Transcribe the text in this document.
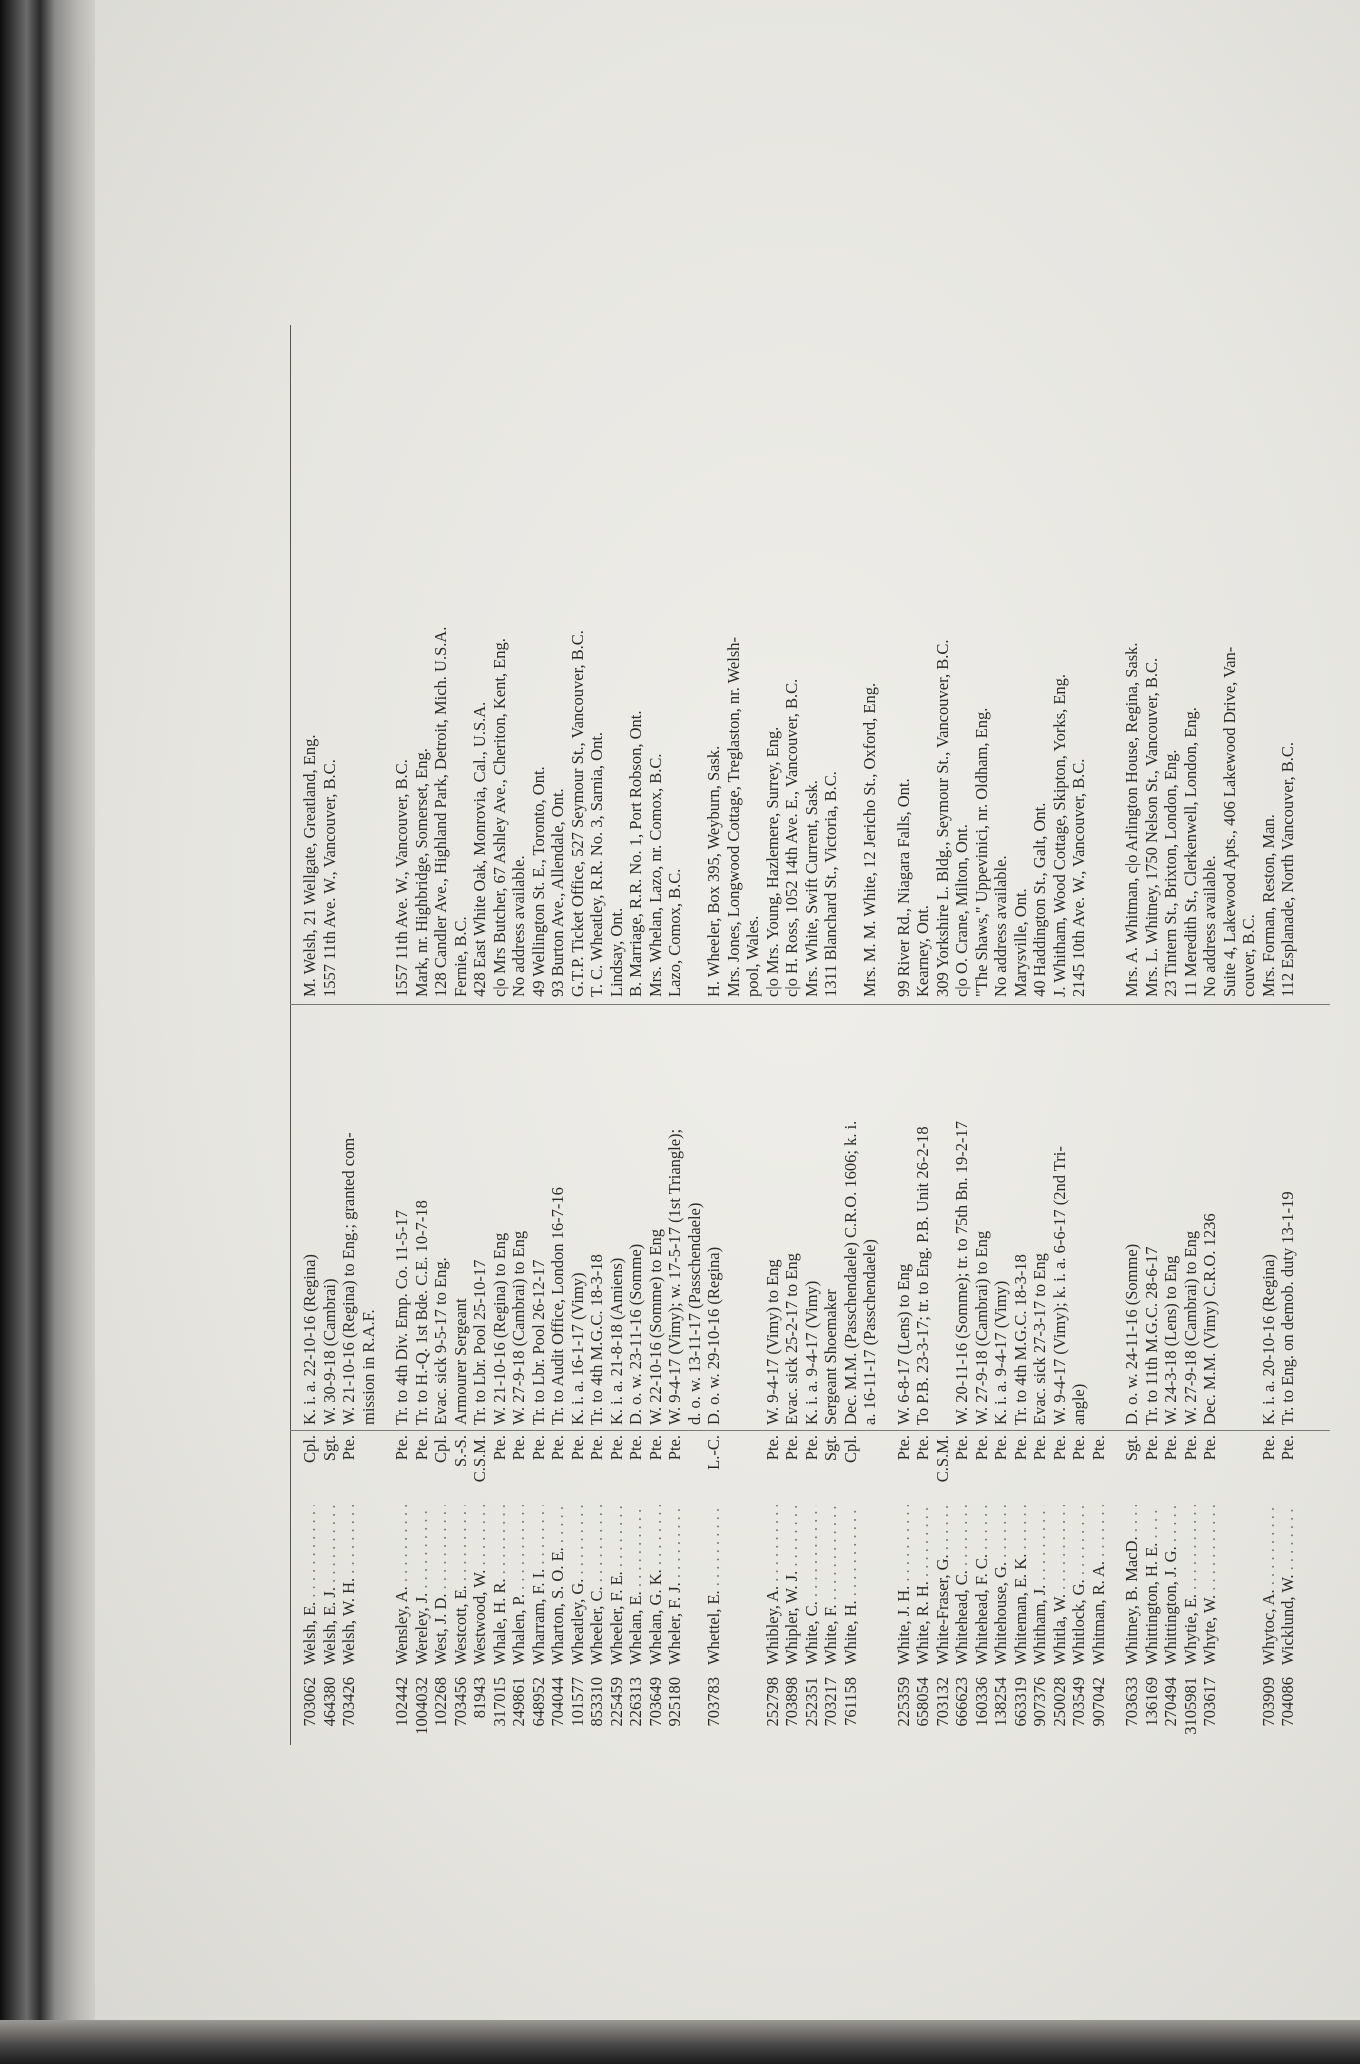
703062
Welsh, E. . . .
Cpl.
K. i. a. 22-10-16 (Regina)
M. Welsh, 21 Wellgate, Greatland, Eng.
464380
Welsh, E. J. . . .
Sgt.
W. 30-9-18 (Cambrai)
1557 11th Ave. W., Vancouver, B.C.
703426
Welsh, W. H. . . .
Pte.
W. 21-10-16 (Regina) to Eng.; granted com- mission in R.A.F.
102442
Wensley, A. . . .
Pte.
Tr. to 4th Div. Emp. Co. 11-5-17
1557 11th Ave. W., Vancouver, B.C.
1004032
Wereley, J. . . .
Pte.
Tr. to H.-Q. 1st Bde. C.E. 10-7-18
Mark, nr. Highbridge, Somerset, Eng.
102268
West, J. D. . . .
Cpl.
Evac. sick 9-5-17 to Eng.
128 Candler Ave., Highland Park, Detroit, Mich. U.S.A.
703456
Westcott, E. . . .
S.-S.
Armourer Sergeant
Fernie, B.C.
81943
Westwood, W. . . .
C.S.M.
Tr. to Lbr. Pool 25-10-17
428 East White Oak, Monrovia, Cal., U.S.A.
317015
Whale, H. R. . . .
Pte.
W. 21-10-16 (Regina) to Eng
c|o Mrs Butcher, 67 Ashley Ave., Cheriton, Kent, Eng.
249861
Whalen, P. . . .
Pte.
W. 27-9-18 (Cambrai) to Eng
No address available.
648952
Wharram, F. I. . . .
Pte.
Tr. to Lbr. Pool 26-12-17
49 Wellington St. E., Toronto, Ont.
704044
Wharton, S. O. E. . . .
Pte.
Tr. to Audit Office, London 16-7-16
93 Burton Ave., Allendale, Ont.
101577
Wheatley, G. . . .
Pte.
K. i. a. 16-1-17 (Vimy)
G.T.P. Ticket Office, 527 Seymour St., Vancouver, B.C.
853310
Wheeler, C. . . .
Pte.
Tr. to 4th M.G.C. 18-3-18
T. C. Wheatley, R.R. No. 3, Sarnia, Ont.
225459
Wheeler, F. E. . . .
Pte.
K. i. a. 21-8-18 (Amiens)
Lindsay, Ont.
226313
Whelan, E. . . .
Pte.
D. o. w. 23-11-16 (Somme)
B. Marriage, R.R. No. 1, Port Robson, Ont.
703649
Whelan, G. K. . . .
Pte.
W. 22-10-16 (Somme) to Eng
Mrs. Whelan, Lazo, nr. Comox, B.C.
925180
Wheler, F. J. . . .
Pte.
W. 9-4-17 (Vimy); w. 17-5-17 (1st Triangle);
Lazo, Comox, B.C.
d. o. w. 13-11-17 (Passchendaele)
703783
Whettel, E. . . .
L.-C.
D. o. w. 29-10-16 (Regina)
H. Wheeler, Box 395, Weyburn, Sask. Mrs. Jones, Longwood Cottage, Treglaston, nr. Welsh- pool, Wales.
252798
Whibley, A. . . .
Pte.
W. 9-4-17 (Vimy) to Eng
c|o Mrs. Young, Hazlemere, Surrey, Eng.
703898
Whipler, W. J. . . .
Pte.
Evac. sick 25-2-17 to Eng
c|o H. Ross, 1052 14th Ave. E., Vancouver, B.C.
252351
White, C. . . .
Pte.
K. i. a. 9-4-17 (Vimy)
Mrs. White, Swift Current, Sask.
703217
White, F. . . .
Sgt.
Sergeant Shoemaker
1311 Blanchard St., Victoria, B.C.
761158
White, H. . . .
Cpl.
Dec. M.M. (Passchendaele) C.R.O. 1606; k. i. a. 16-11-17 (Passchendaele)
Mrs. M. M. White, 12 Jericho St., Oxford, Eng.
225359
White, J. H. . . .
Pte.
W. 6-8-17 (Lens) to Eng
99 River Rd., Niagara Falls, Ont.
658054
White, R. H. . . .
Pte.
To P.B. 23-3-17; tr. to Eng. P.B. Unit 26-2-18
Kearney, Ont.
703132
White-Fraser, G. . . .
C.S.M.
309 Yorkshire L. Bldg., Seymour St., Vancouver, B.C.
666623
Whitehead, C. . . .
Pte.
W. 20-11-16 (Somme); tr. to 75th Bn. 19-2-17
c|o O. Crane, Milton, Ont.
160336
Whitehead, F. C. . . .
Pte.
W. 27-9-18 (Cambrai) to Eng
"The Shaws," Uppevinici, nr. Oldham, Eng.
138254
Whitehouse, G. . . .
Pte.
K. i. a. 9-4-17 (Vimy)
No address available.
663319
Whiteman, E. K. . . .
Pte.
Tr. to 4th M.G.C. 18-3-18
Marysville, Ont.
907376
Whitham, J. . . .
Pte.
Evac. sick 27-3-17 to Eng
40 Haddington St., Galt, Ont.
250028
Whitla, W. . . .
Pte.
W. 9-4-17 (Vimy); k. i. a. 6-6-17 (2nd Tri-
J. Whitham, Wood Cottage, Skipton, Yorks, Eng.
703549
Whitlock, G. . . .
Pte.
angle)
2145 10th Ave. W., Vancouver, B.C.
907042
Whitman, R. A. . . .
Pte.
703633
Whitney, B. MacD. . . .
Sgt.
D. o. w. 24-11-16 (Somme)
Mrs. A. Whitman, c|o Arlington House, Regina, Sask.
136169
Whittington, H. E. . . .
Pte.
Tr. to 11th M.G.C. 28-6-17
Mrs. L. Whitney, 1750 Nelson St., Vancouver, B.C.
270494
Whittington, J. G. . . .
Pte.
W. 24-3-18 (Lens) to Eng
23 Tintern St., Brixton, London, Eng.
3105981
Whytie, E. . . .
Pte.
W. 27-9-18 (Cambrai) to Eng
11 Meredith St., Clerkenwell, London, Eng.
703617
Whyte, W. . . .
Pte.
Dec. M.M. (Vimy) C.R.O. 1236
No address available. Suite 4, Lakewood Apts., 406 Lakewood Drive, Van- couver, B.C.
703909
Whytoc, A. . . .
Pte.
K. i. a. 20-10-16 (Regina)
Mrs. Forman, Reston, Man.
704086
Wicklund, W. . . .
Pte.
Tr. to Eng. on demob. duty 13-1-19
112 Esplanade, North Vancouver, B.C.
